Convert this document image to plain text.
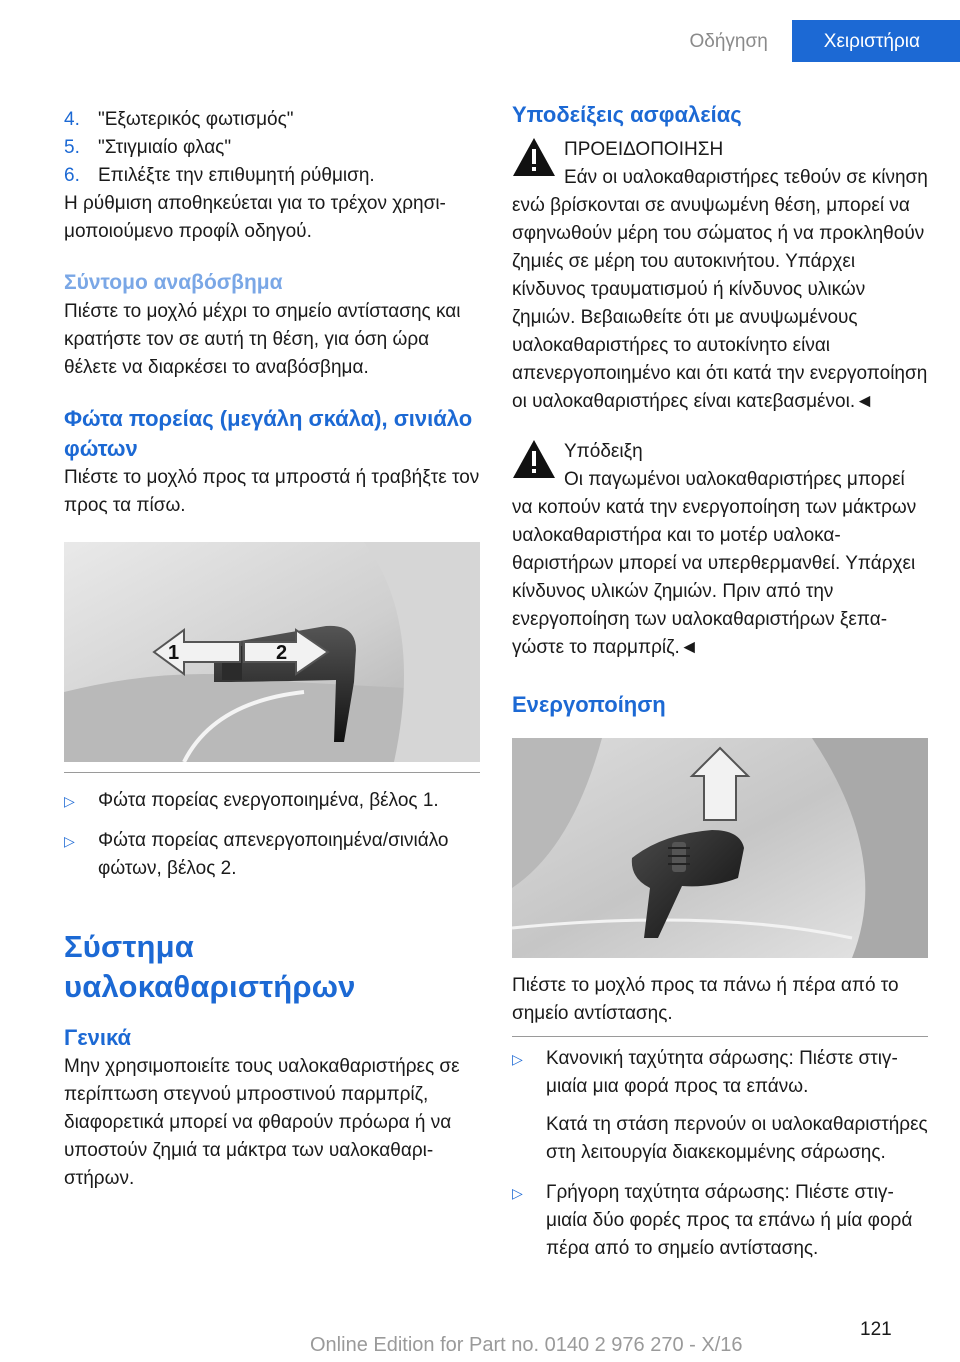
Οδήγηση	Χειριστήρια
4. "Εξωτερικός φωτισμός"
5. "Στιγμιαίο φλας"
6. Επιλέξτε την επιθυμητή ρύθμιση.

Η ρύθμιση αποθηκεύεται για το τρέχον χρησιμοποιούμενο προφίλ οδηγού.

Σύντομο αναβόσβημα

Πιέστε το μοχλό μέχρι το σημείο αντίστασης και κρατήστε τον σε αυτή τη θέση, για όση ώρα θέλετε να διαρκέσει το αναβόσβημα.

Φώτα πορείας (μεγάλη σκάλα), σινιάλο φώτων

Πιέστε το μοχλό προς τα μπροστά ή τραβήξτε τον προς τα πίσω.

1	2
▷	Φώτα πορείας ενεργοποιημένα, βέλος 1.
▷	Φώτα πορείας απενεργοποιημένα/σινιάλο φώτων, βέλος 2.
Σύστημα υαλοκαθαριστήρων
Γενικά

Μην χρησιμοποιείτε τους υαλοκαθαριστήρες σε περίπτωση στεγνού μπροστινού παρμπρίζ, διαφορετικά μπορεί να φθαρούν πρόωρα ή να υποστούν ζημιά τα μάκτρα των υαλοκαθαριστήρων.

Υποδείξεις ασφαλείας

ΠΡΟΕΙΔΟΠΟΙΗΣΗ

Εάν οι υαλοκαθαριστήρες τεθούν σε κίνηση ενώ βρίσκονται σε ανυψωμένη θέση, μπορεί να σφηνωθούν μέρη του σώματος ή να προκληθούν ζημιές σε μέρη του αυτοκινήτου. Υπάρχει κίνδυνος τραυματισμού ή κίνδυνος υλικών ζημιών. Βεβαιωθείτε ότι με ανυψωμένους υαλοκαθαριστήρες το αυτοκίνητο είναι απενεργοποιημένο και ότι κατά την ενεργοποίηση οι υαλοκαθαριστήρες είναι κατεβασμένοι.◄

Υπόδειξη

Οι παγωμένοι υαλοκαθαριστήρες μπορεί να κοπούν κατά την ενεργοποίηση των μάκτρων υαλοκαθαριστήρα και το μοτέρ υαλοκαθαριστήρων μπορεί να υπερθερμανθεί. Υπάρχει κίνδυνος υλικών ζημιών. Πριν από την ενεργοποίηση των υαλοκαθαριστήρων ξεπαγώστε το παρμπρίζ.◄

Ενεργοποίηση

Πιέστε το μοχλό προς τα πάνω ή πέρα από το σημείο αντίστασης.

▷	Κανονική ταχύτητα σάρωσης: Πιέστε στιγμιαία μια φορά προς τα επάνω.
Κατά τη στάση περνούν οι υαλοκαθαριστήρες στη λειτουργία διακεκομμένης σάρωσης.
▷	Γρήγορη ταχύτητα σάρωσης: Πιέστε στιγμιαία δύο φορές προς τα επάνω ή μία φορά πέρα από το σημείο αντίστασης.
121
Online Edition for Part no. 0140 2 976 270 - X/16
